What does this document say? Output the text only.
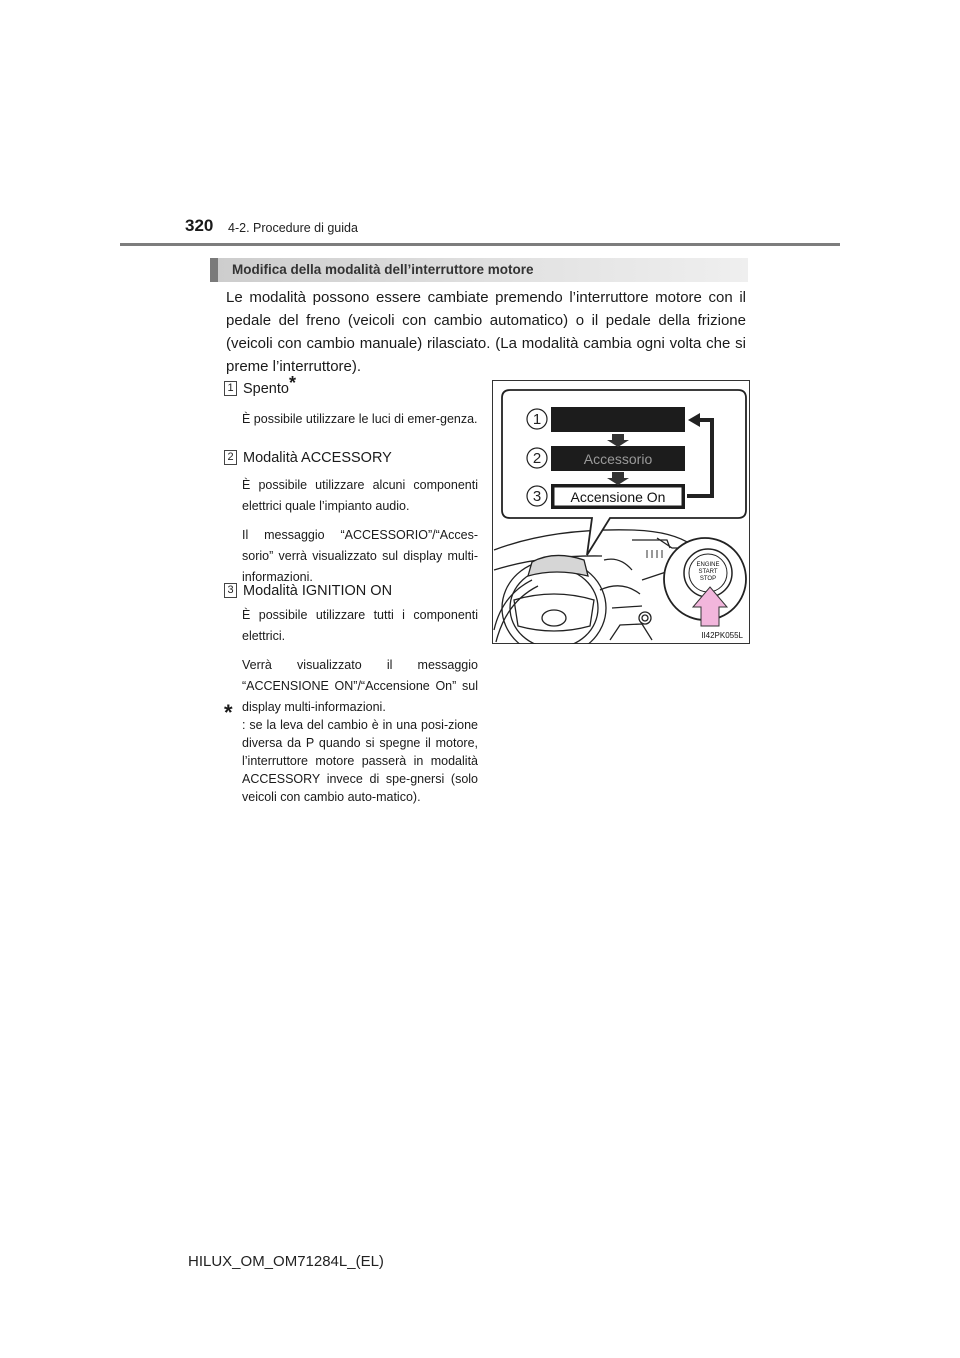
320 4-2. Procedure di guida
Modifica della modalità dell’interruttore motore
Le modalità possono essere cambiate premendo l’interruttore motore con il pedale del freno (veicoli con cambio automatico) o il pedale della frizione (veicoli con cambio manuale) rilasciato. (La modalità cambia ogni volta che si preme l’interruttore).
1 Spento*

È possibile utilizzare le luci di emer-genza.

2 Modalità ACCESSORY

È possibile utilizzare alcuni componenti elettrici quale l’impianto audio.

Il messaggio “ACCESSORIO”/“Acces-sorio” verrà visualizzato sul display multi-informazioni.

3 Modalità IGNITION ON

È possibile utilizzare tutti i componenti elettrici.

Verrà visualizzato il messaggio “ACCENSIONE ON”/“Accensione On” sul display multi-informazioni.

* : se la leva del cambio è in una posi-zione diversa da P quando si spegne il motore, l’interruttore motore passerà in modalità ACCESSORY invece di spe-gnersi (solo veicoli con cambio auto-matico).
ENGINE
START
STOP
Accessorio
Accensione On
1
2
3
II42PK055L
HILUX_OM_OM71284L_(EL)
